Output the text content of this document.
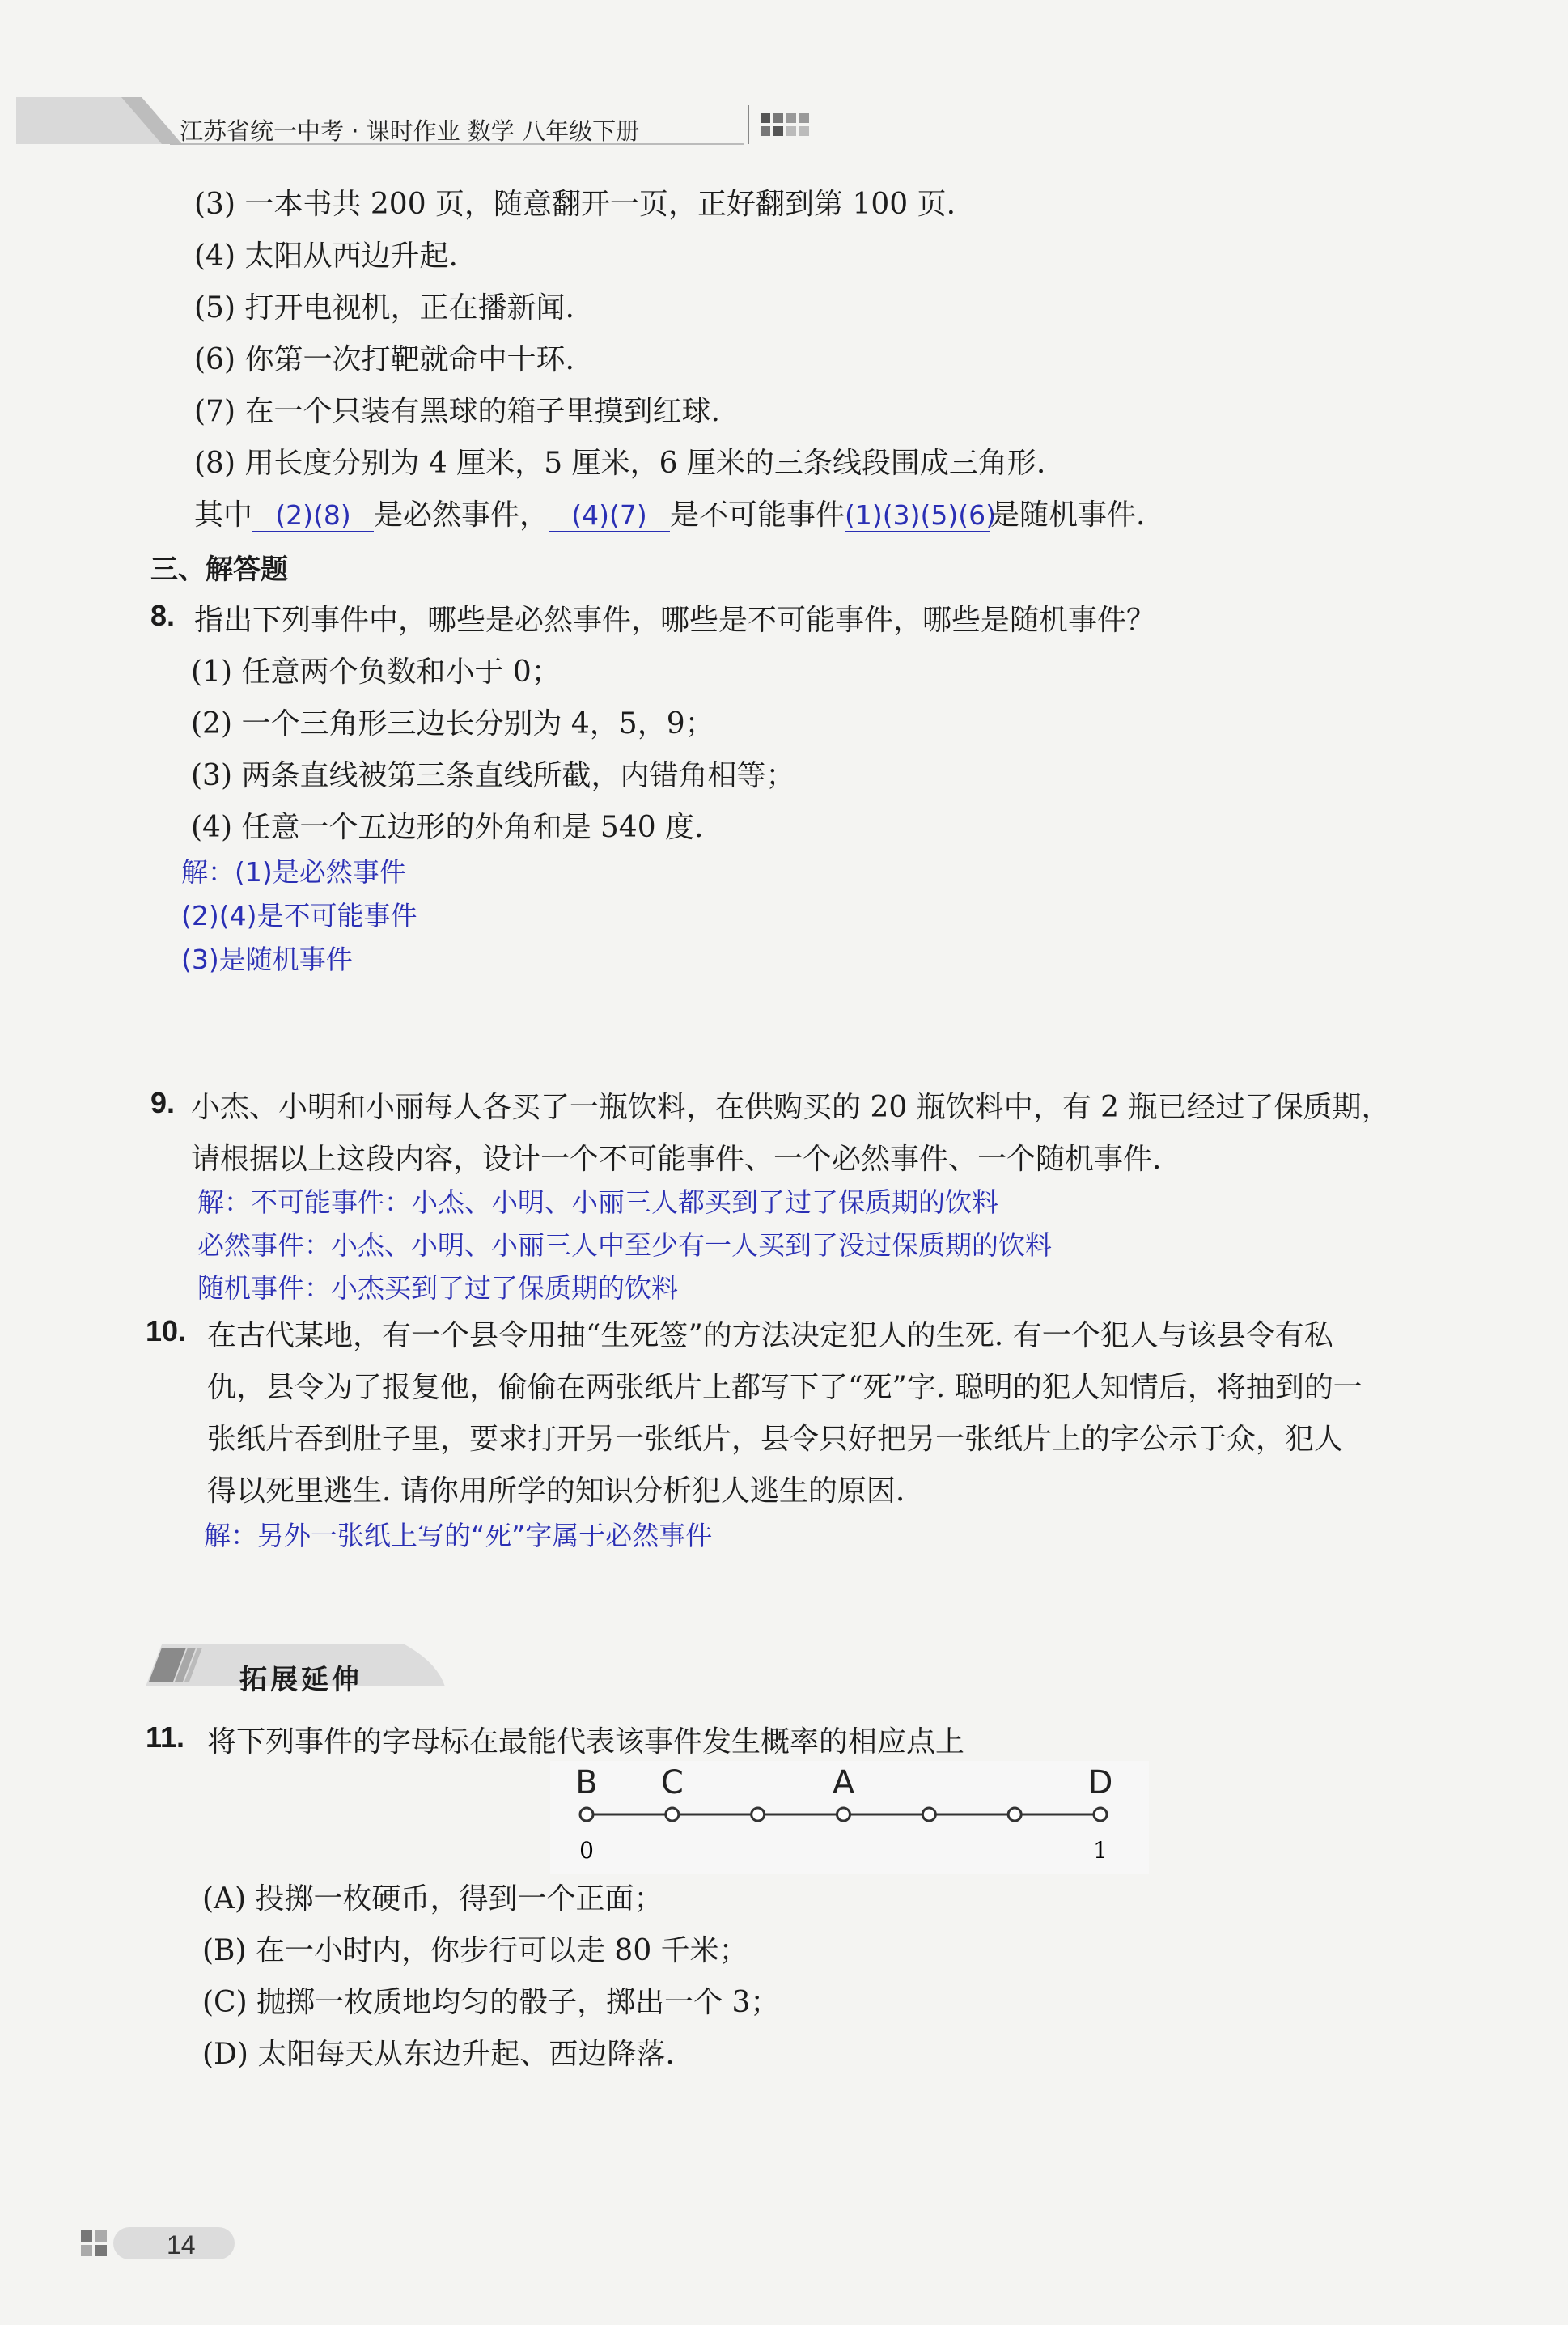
江苏省统一中考 · 课时作业 数学 八年级下册
(3) 一本书共 200 页，随意翻开一页，正好翻到第 100 页.
(4) 太阳从西边升起.
(5) 打开电视机，正在播新闻.
(6) 你第一次打靶就命中十环.
(7) 在一个只装有黑球的箱子里摸到红球.
(8) 用长度分别为 4 厘米，5 厘米，6 厘米的三条线段围成三角形.
其中 (2)(8) 是必然事件， (4)(7) 是不可能事件(1)(3)(5)(6)是随机事件.
三、解答题
8. 指出下列事件中，哪些是必然事件，哪些是不可能事件，哪些是随机事件？
(1) 任意两个负数和小于 0；
(2) 一个三角形三边长分别为 4，5，9；
(3) 两条直线被第三条直线所截，内错角相等；
(4) 任意一个五边形的外角和是 540 度.
解：(1)是必然事件
(2)(4)是不可能事件
(3)是随机事件
9. 小杰、小明和小丽每人各买了一瓶饮料，在供购买的 20 瓶饮料中，有 2 瓶已经过了保质期，
请根据以上这段内容，设计一个不可能事件、一个必然事件、一个随机事件.
解：不可能事件：小杰、小明、小丽三人都买到了过了保质期的饮料
必然事件：小杰、小明、小丽三人中至少有一人买到了没过保质期的饮料
随机事件：小杰买到了过了保质期的饮料
10. 在古代某地，有一个县令用抽“生死签”的方法决定犯人的生死. 有一个犯人与该县令有私
仇，县令为了报复他，偷偷在两张纸片上都写下了“死”字. 聪明的犯人知情后，将抽到的一
张纸片吞到肚子里，要求打开另一张纸片，县令只好把另一张纸片上的字公示于众，犯人
得以死里逃生. 请你用所学的知识分析犯人逃生的原因.
解：另外一张纸上写的“死”字属于必然事件
拓展延伸
11. 将下列事件的字母标在最能代表该事件发生概率的相应点上
B C	A	D
0	1
(A) 投掷一枚硬币，得到一个正面；
(B) 在一小时内，你步行可以走 80 千米；
(C) 抛掷一枚质地均匀的骰子，掷出一个 3；
(D) 太阳每天从东边升起、西边降落.
14
